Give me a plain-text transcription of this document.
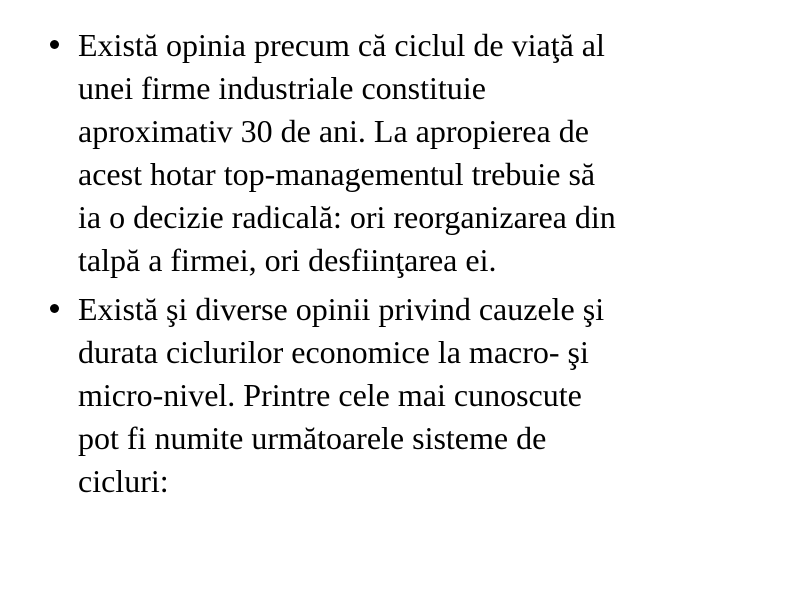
Există opinia precum că ciclul de viaţă al
unei firme industriale constituie
aproximativ 30 de ani. La apropierea de
acest hotar top-managementul trebuie să
ia o decizie radicală: ori reorganizarea din
talpă a firmei, ori desfiinţarea ei.
Există şi diverse opinii privind cauzele şi
durata ciclurilor economice la macro- şi
micro-nivel. Printre cele mai cunoscute
pot fi numite următoarele sisteme de
cicluri:
